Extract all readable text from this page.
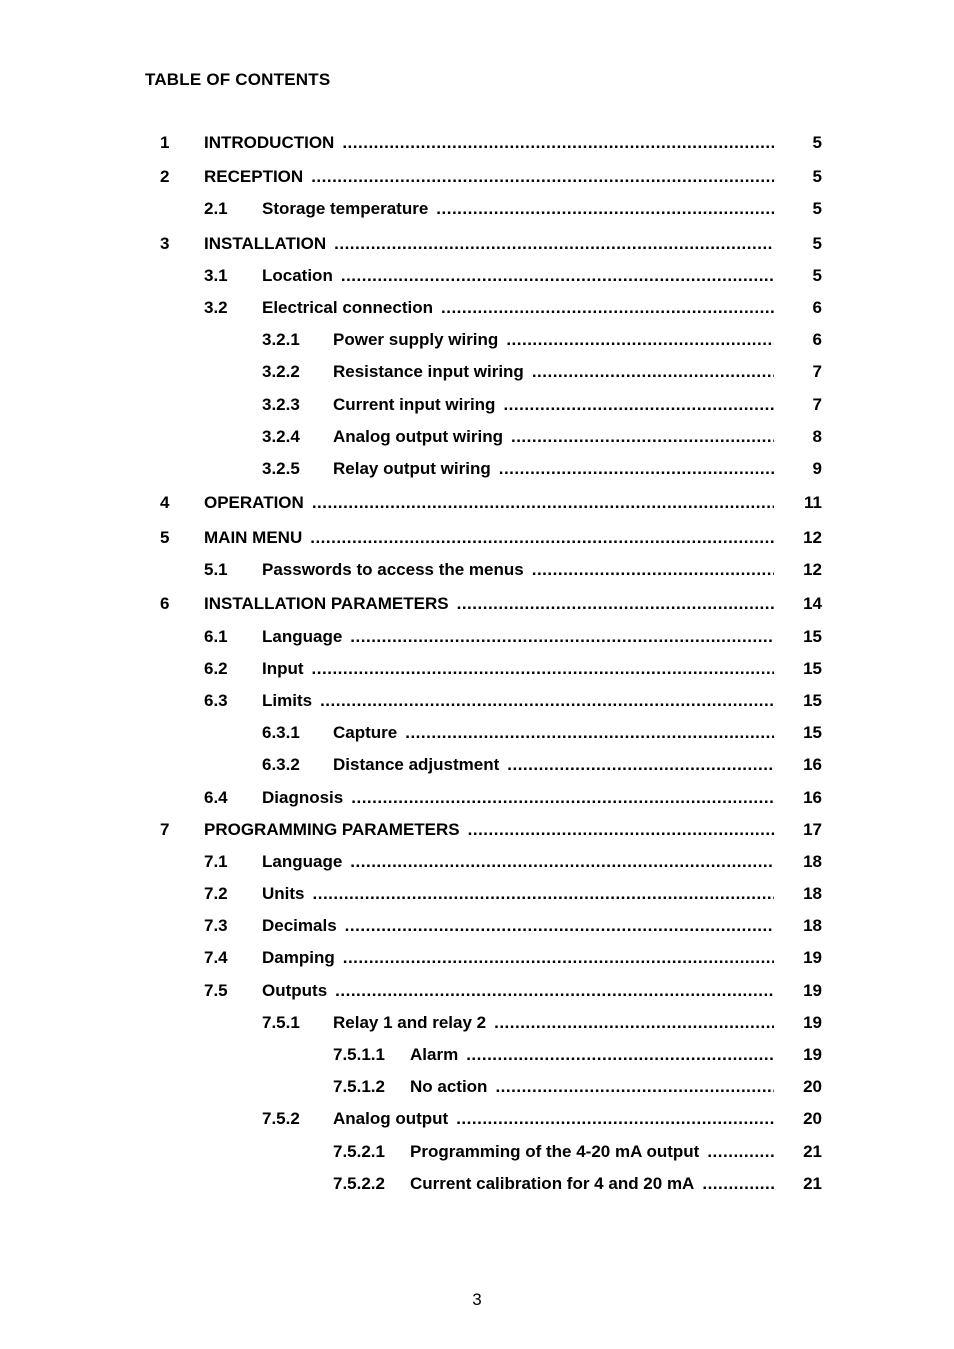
TABLE OF CONTENTS
1 INTRODUCTION .....	5
2 RECEPTION .....	5
2.1 Storage temperature .....	5
3 INSTALLATION .....	5
3.1 Location .....	5
3.2 Electrical connection .....	6
3.2.1 Power supply wiring .....	6
3.2.2 Resistance input wiring .....	7
3.2.3 Current input wiring .....	7
3.2.4 Analog output wiring .....	8
3.2.5 Relay output wiring .....	9
4 OPERATION .....	11
5 MAIN MENU .....	12
5.1 Passwords to access the menus .....	12
6 INSTALLATION PARAMETERS .....	14
6.1 Language .....	15
6.2 Input .....	15
6.3 Limits .....	15
6.3.1 Capture .....	15
6.3.2 Distance adjustment .....	16
6.4 Diagnosis .....	16
7 PROGRAMMING PARAMETERS .....	17
7.1 Language .....	18
7.2 Units .....	18
7.3 Decimals .....	18
7.4 Damping .....	19
7.5 Outputs .....	19
7.5.1 Relay 1 and relay 2 .....	19
7.5.1.1 Alarm .....	19
7.5.1.2 No action .....	20
7.5.2 Analog output .....	20
7.5.2.1 Programming of the 4-20 mA output .....	21
7.5.2.2 Current calibration for 4 and 20 mA .....	21
3
